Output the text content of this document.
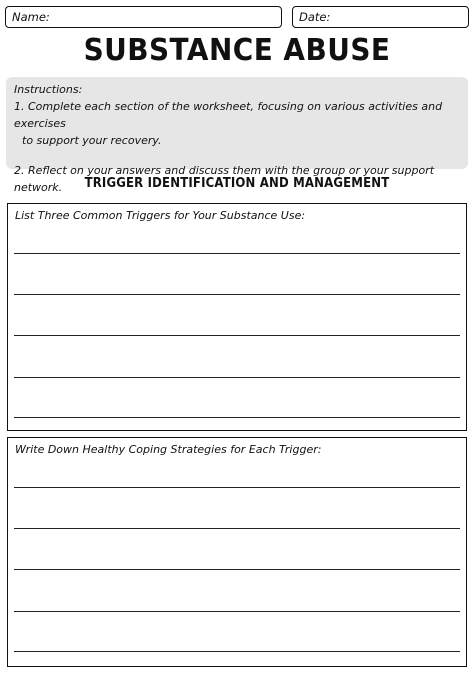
Name:	Date:
SUBSTANCE ABUSE

Instructions:

1. Complete each section of the worksheet, focusing on various activities and exercises

to support your recovery.

2. Reflect on your answers and discuss them with the group or your support network.	TRIGGER IDENTIFICATION AND MANAGEMENT
List Three Common Triggers for Your Substance Use:
Write Down Healthy Coping Strategies for Each Trigger:
